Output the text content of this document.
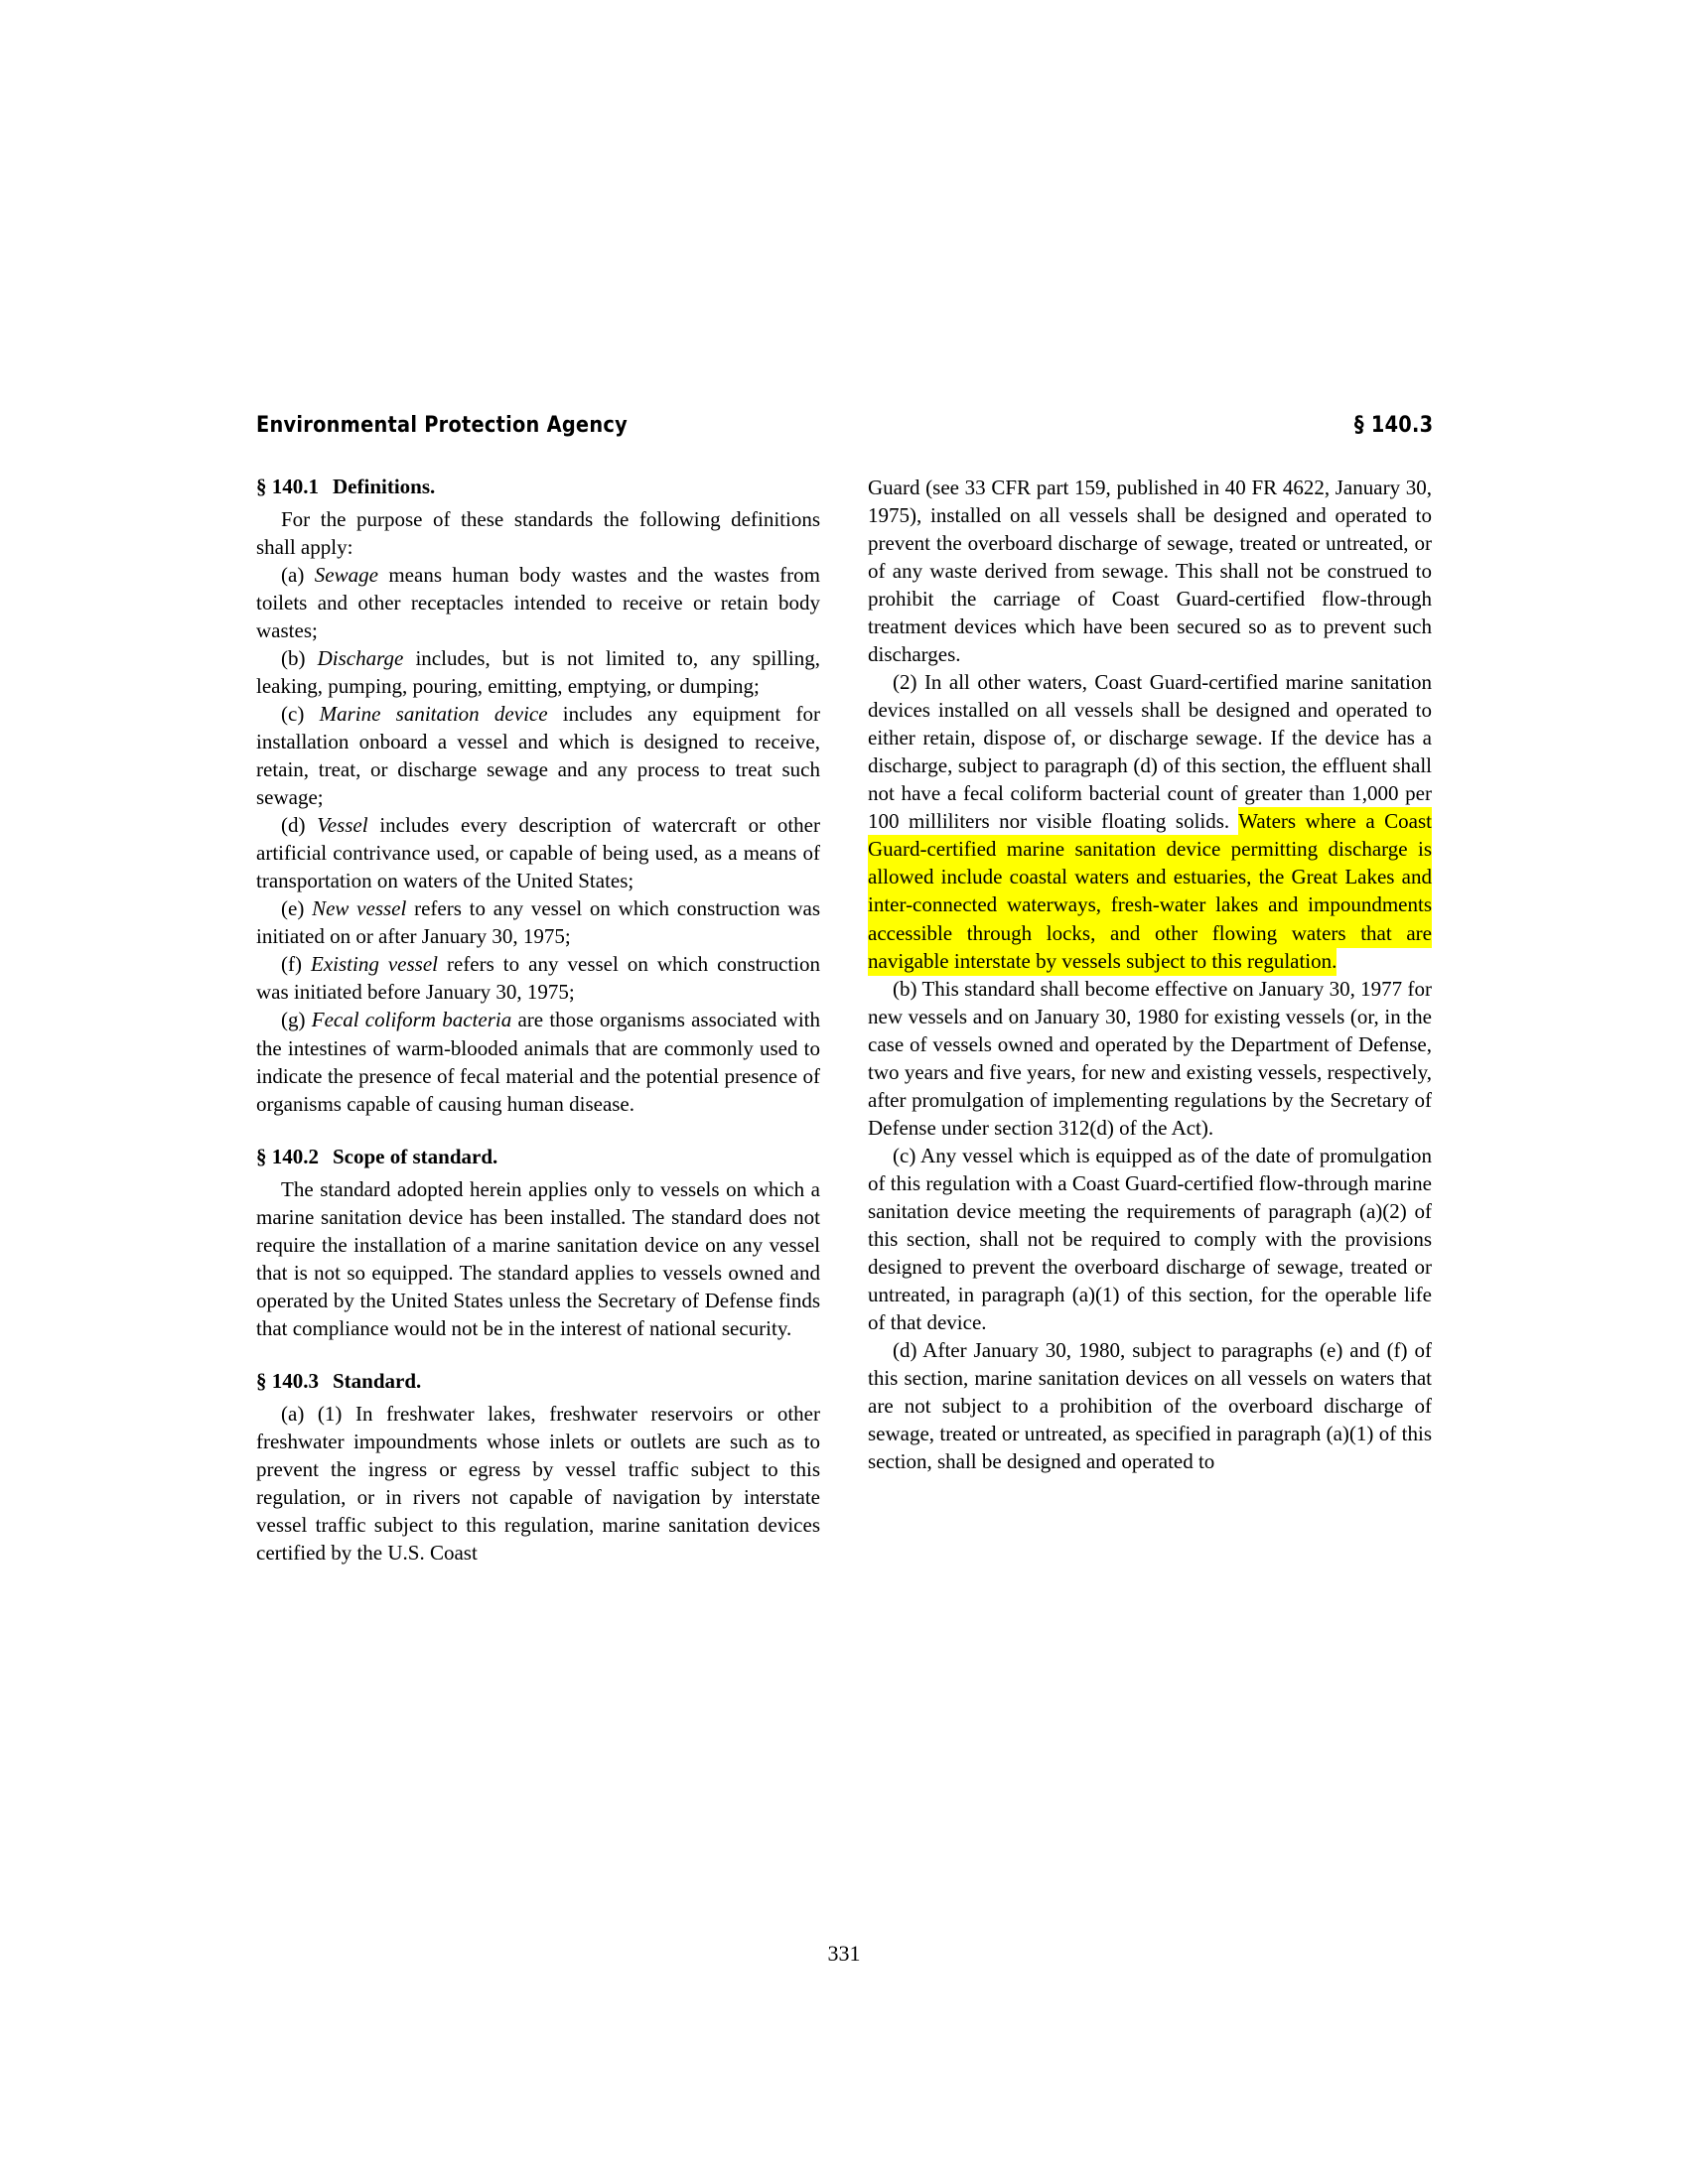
Environmental Protection Agency	§ 140.3
§ 140.1 Definitions.

For the purpose of these standards the following definitions shall apply:

(a) Sewage means human body wastes and the wastes from toilets and other receptacles intended to receive or retain body wastes;

(b) Discharge includes, but is not limited to, any spilling, leaking, pumping, pouring, emitting, emptying, or dumping;

(c) Marine sanitation device includes any equipment for installation onboard a vessel and which is designed to receive, retain, treat, or discharge sewage and any process to treat such sewage;

(d) Vessel includes every description of watercraft or other artificial contrivance used, or capable of being used, as a means of transportation on waters of the United States;

(e) New vessel refers to any vessel on which construction was initiated on or after January 30, 1975;

(f) Existing vessel refers to any vessel on which construction was initiated before January 30, 1975;

(g) Fecal coliform bacteria are those organisms associated with the intestines of warm-blooded animals that are commonly used to indicate the presence of fecal material and the potential presence of organisms capable of causing human disease.

§ 140.2 Scope of standard.

The standard adopted herein applies only to vessels on which a marine sanitation device has been installed. The standard does not require the installation of a marine sanitation device on any vessel that is not so equipped. The standard applies to vessels owned and operated by the United States unless the Secretary of Defense finds that compliance would not be in the interest of national security.

§ 140.3 Standard.

(a) (1) In freshwater lakes, freshwater reservoirs or other freshwater impoundments whose inlets or outlets are such as to prevent the ingress or egress by vessel traffic subject to this regulation, or in rivers not capable of navigation by interstate vessel traffic subject to this regulation, marine sanitation devices certified by the U.S. Coast

Guard (see 33 CFR part 159, published in 40 FR 4622, January 30, 1975), installed on all vessels shall be designed and operated to prevent the overboard discharge of sewage, treated or untreated, or of any waste derived from sewage. This shall not be construed to prohibit the carriage of Coast Guard-certified flow-through treatment devices which have been secured so as to prevent such discharges.

(2) In all other waters, Coast Guard-certified marine sanitation devices installed on all vessels shall be designed and operated to either retain, dispose of, or discharge sewage. If the device has a discharge, subject to paragraph (d) of this section, the effluent shall not have a fecal coliform bacterial count of greater than 1,000 per 100 milliliters nor visible floating solids. Waters where a Coast Guard-certified marine sanitation device permitting discharge is allowed include coastal waters and estuaries, the Great Lakes and inter-connected waterways, fresh-water lakes and impoundments accessible through locks, and other flowing waters that are navigable interstate by vessels subject to this regulation.

(b) This standard shall become effective on January 30, 1977 for new vessels and on January 30, 1980 for existing vessels (or, in the case of vessels owned and operated by the Department of Defense, two years and five years, for new and existing vessels, respectively, after promulgation of implementing regulations by the Secretary of Defense under section 312(d) of the Act).

(c) Any vessel which is equipped as of the date of promulgation of this regulation with a Coast Guard-certified flow-through marine sanitation device meeting the requirements of paragraph (a)(2) of this section, shall not be required to comply with the provisions designed to prevent the overboard discharge of sewage, treated or untreated, in paragraph (a)(1) of this section, for the operable life of that device.

(d) After January 30, 1980, subject to paragraphs (e) and (f) of this section, marine sanitation devices on all vessels on waters that are not subject to a prohibition of the overboard discharge of sewage, treated or untreated, as specified in paragraph (a)(1) of this section, shall be designed and operated to

331
